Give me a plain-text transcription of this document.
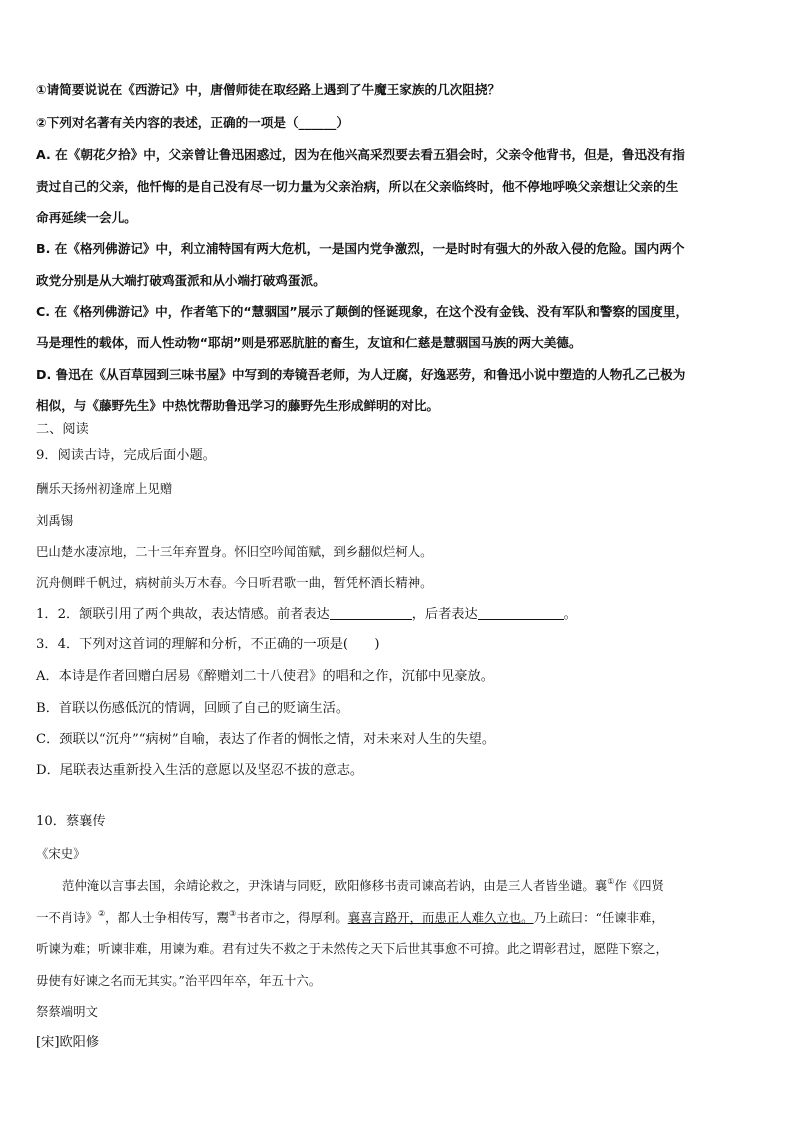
①请简要说说在《西游记》中，唐僧师徒在取经路上遇到了牛魔王家族的几次阻挠？
②下列对名著有关内容的表述，正确的一项是（______）
A. 在《朝花夕拾》中，父亲曾让鲁迅困惑过，因为在他兴高采烈要去看五猖会时，父亲令他背书，但是，鲁迅没有指
责过自己的父亲，他忏悔的是自己没有尽一切力量为父亲治病，所以在父亲临终时，他不停地呼唤父亲想让父亲的生
命再延续一会儿。
B. 在《格列佛游记》中，利立浦特国有两大危机，一是国内党争激烈，一是时时有强大的外敌入侵的危险。国内两个
政党分别是从大端打破鸡蛋派和从小端打破鸡蛋派。
C. 在《格列佛游记》中，作者笔下的“慧骃国”展示了颠倒的怪诞现象，在这个没有金钱、没有军队和警察的国度里，
马是理性的载体，而人性动物“耶胡”则是邪恶肮脏的畜生，友谊和仁慈是慧骃国马族的两大美德。
D. 鲁迅在《从百草园到三味书屋》中写到的寿镜吾老师，为人迂腐，好逸恶劳，和鲁迅小说中塑造的人物孔乙己极为
相似，与《藤野先生》中热忱帮助鲁迅学习的藤野先生形成鲜明的对比。
二、阅读
9．阅读古诗，完成后面小题。
酬乐天扬州初逢席上见赠
刘禹锡
巴山楚水凄凉地，二十三年弃置身。怀旧空吟闻笛赋，到乡翻似烂柯人。
沉舟侧畔千帆过，病树前头万木春。今日听君歌一曲，暂凭杯酒长精神。
1．2．颔联引用了两个典故，表达情感。前者表达	，后者表达	。
3．4．下列对这首词的理解和分析，不正确的一项是(　　)
A．本诗是作者回赠白居易《醉赠刘二十八使君》的唱和之作，沉郁中见豪放。
B．首联以伤感低沉的情调，回顾了自己的贬谪生活。
C．颈联以“沉舟”“病树”自喻，表达了作者的惆怅之情，对未来对人生的失望。
D．尾联表达重新投入生活的意愿以及坚忍不拔的意志。
10．蔡襄传
《宋史》
范仲淹以言事去国，余靖论救之，尹洙请与同贬，欧阳修移书责司谏高若讷，由是三人者皆坐谴。襄①作《四贤
一不肖诗》②，都人士争相传写，鬻③书者市之，得厚利。襄喜言路开，而患正人难久立也。乃上疏曰：“任谏非难，
听谏为难；听谏非难，用谏为难。君有过失不救之于未然传之天下后世其事愈不可揜。此之谓彰君过，愿陛下察之，
毋使有好谏之名而无其实。”治平四年卒，年五十六。
祭蔡端明文
[宋]欧阳修
